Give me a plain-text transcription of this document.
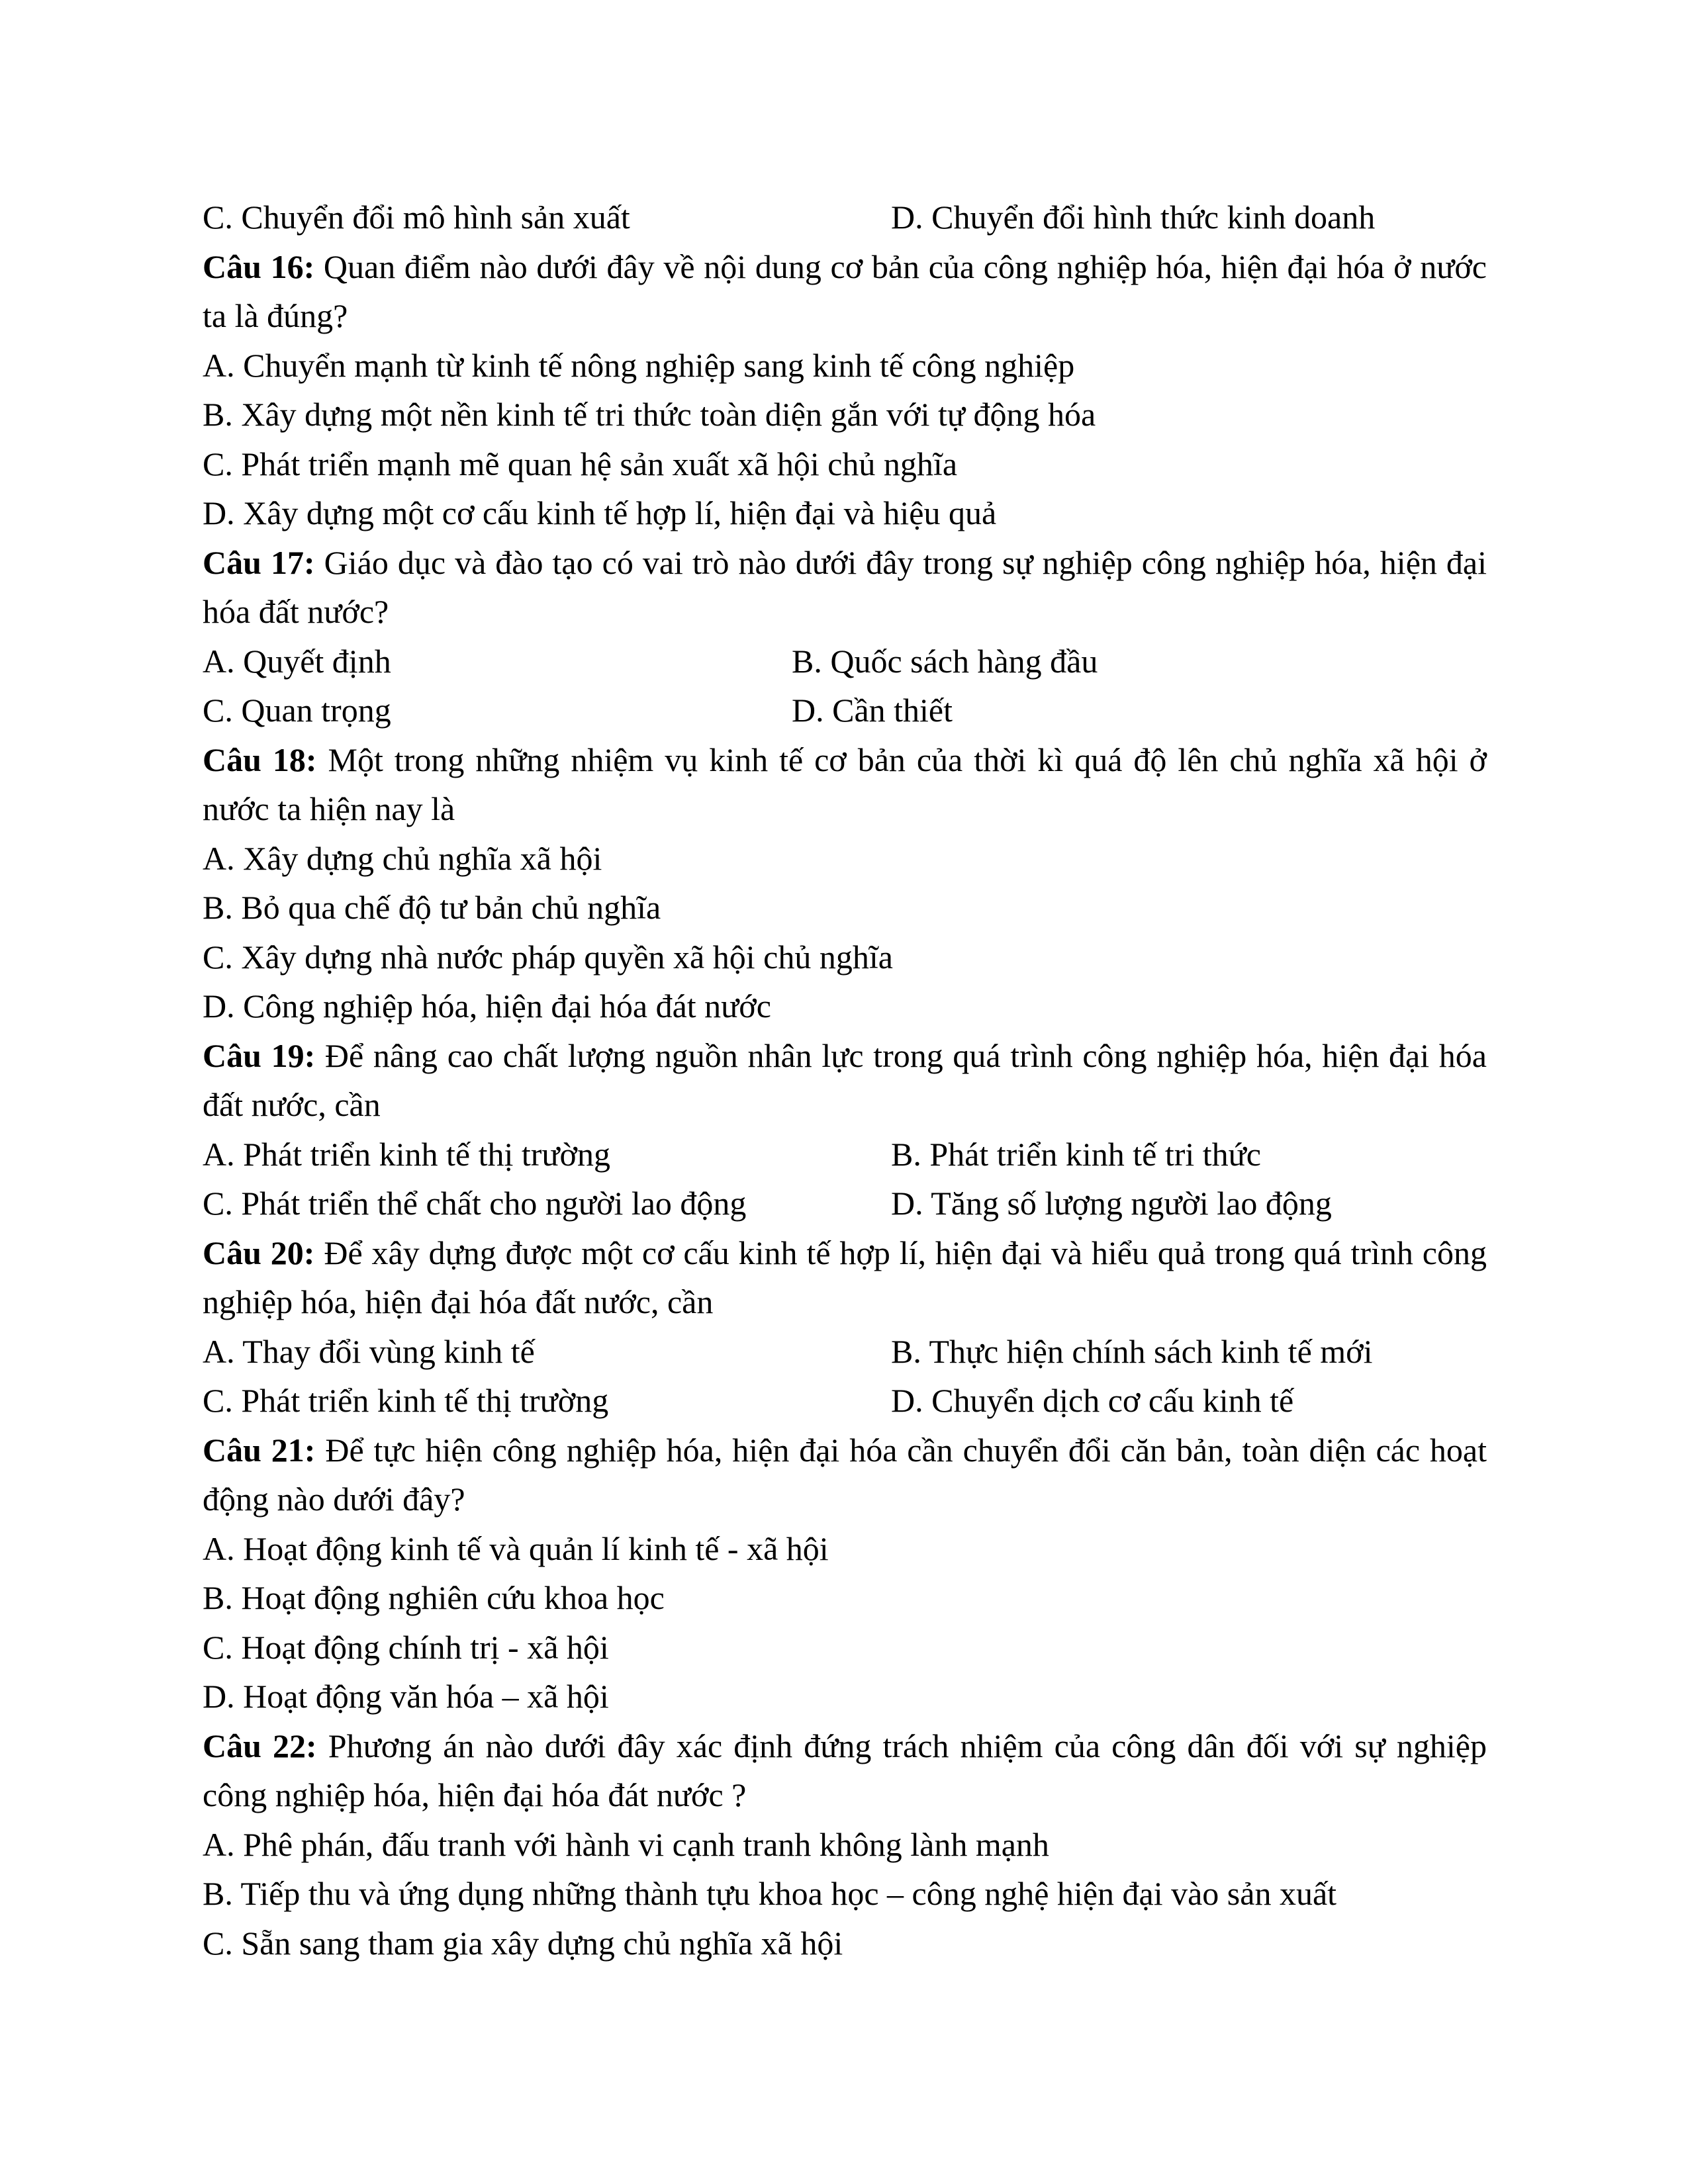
C. Chuyển đổi mô hình sản xuất	D. Chuyển đổi hình thức kinh doanh
Câu 16: Quan điểm nào dưới đây về nội dung cơ bản của công nghiệp hóa, hiện đại hóa ở nước ta là đúng?
A. Chuyển mạnh từ kinh tế nông nghiệp sang kinh tế công nghiệp
B. Xây dựng một nền kinh tế tri thức toàn diện gắn với tự động hóa
C. Phát triển mạnh mẽ quan hệ sản xuất xã hội chủ nghĩa
D. Xây dựng một cơ cấu kinh tế hợp lí, hiện đại và hiệu quả
Câu 17: Giáo dục và đào tạo có vai trò nào dưới đây trong sự nghiệp công nghiệp hóa, hiện đại hóa đất nước?
A. Quyết định	B. Quốc sách hàng đầu
C. Quan trọng	D. Cần thiết
Câu 18: Một trong những nhiệm vụ kinh tế cơ bản của thời kì quá độ lên chủ nghĩa xã hội ở nước ta hiện nay là
A. Xây dựng chủ nghĩa xã hội
B. Bỏ qua chế độ tư bản chủ nghĩa
C. Xây dựng nhà nước pháp quyền xã hội chủ nghĩa
D. Công nghiệp hóa, hiện đại hóa đát nước
Câu 19: Để nâng cao chất lượng nguồn nhân lực trong quá trình công nghiệp hóa, hiện đại hóa đất nước, cần
A. Phát triển kinh tế thị trường	B. Phát triển kinh tế tri thức
C. Phát triển thể chất cho người lao động	D. Tăng số lượng người lao động
Câu 20: Để xây dựng được một cơ cấu kinh tế hợp lí, hiện đại và hiểu quả trong quá trình công nghiệp hóa, hiện đại hóa đất nước, cần
A. Thay đổi vùng kinh tế	B. Thực hiện chính sách kinh tế mới
C. Phát triển kinh tế thị trường	D. Chuyển dịch cơ cấu kinh tế
Câu 21: Để tực hiện công nghiệp hóa, hiện đại hóa cần chuyển đổi căn bản, toàn diện các hoạt động nào dưới đây?
A. Hoạt động kinh tế và quản lí kinh tế - xã hội
B. Hoạt động nghiên cứu khoa học
C. Hoạt động chính trị - xã hội
D. Hoạt động văn hóa – xã hội
Câu 22: Phương án nào dưới đây xác định đứng trách nhiệm của công dân đối với sự nghiệp công nghiệp hóa, hiện đại hóa đát nước ?
A. Phê phán, đấu tranh với hành vi cạnh tranh không lành mạnh
B. Tiếp thu và ứng dụng những thành tựu khoa học – công nghệ hiện đại vào sản xuất
C. Sẵn sang tham gia xây dựng chủ nghĩa xã hội
